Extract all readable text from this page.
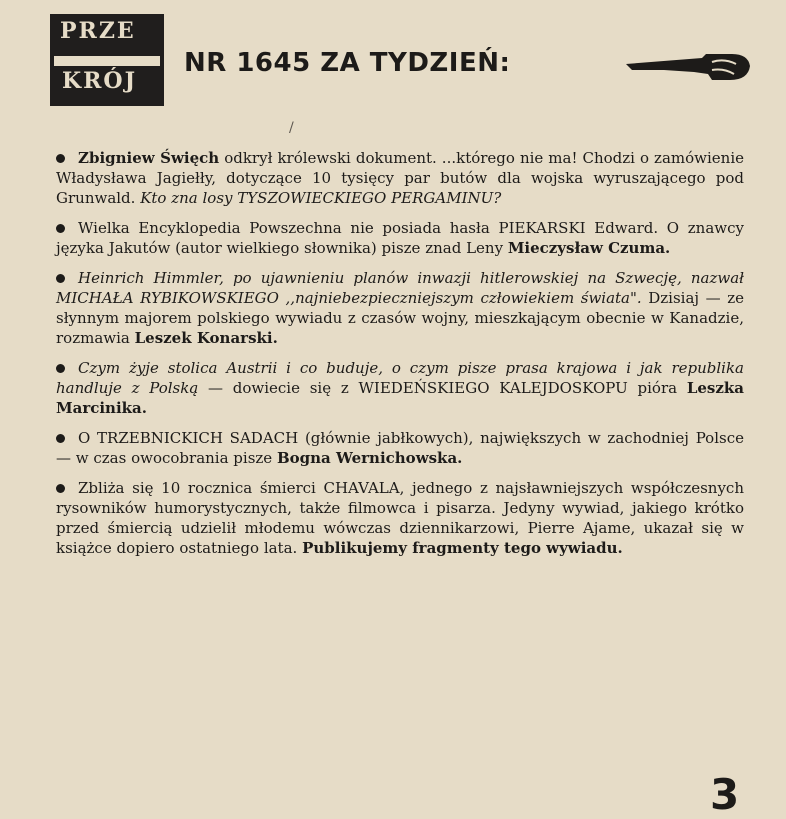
PRZE
KRÓJ
NR 1645 ZA TYDZIEŃ:
/

Zbigniew Święch odkrył królewski dokument. ...którego nie ma! Chodzi o zamówienie Władysława Jagiełły, dotyczące 10 tysięcy par butów dla wojska wyruszającego pod Grunwald. Kto zna losy TYSZOWIECKIEGO PERGAMINU?

Wielka Encyklopedia Powszechna nie posiada hasła PIEKARSKI Edward. O znawcy języka Jakutów (autor wielkiego słownika) pisze znad Leny Mieczysław Czuma.

Heinrich Himmler, po ujawnieniu planów inwazji hitlerowskiej na Szwecję, nazwał MICHAŁA RYBIKOWSKIEGO ,,najniebezpieczniejszym człowiekiem świata". Dzisiaj — ze słynnym majorem polskiego wywiadu z czasów wojny, mieszkającym obecnie w Kanadzie, rozmawia Leszek Konarski.

Czym żyje stolica Austrii i co buduje, o czym pisze prasa krajowa i jak republika handluje z Polską — dowiecie się z WIEDEŃSKIEGO KALEJDOSKOPU pióra Leszka Marcinika.

O TRZEBNICKICH SADACH (głównie jabłkowych), największych w zachodniej Polsce — w czas owocobrania pisze Bogna Wernichowska.

Zbliża się 10 rocznica śmierci CHAVALA, jednego z najsławniejszych współczesnych rysowników humorystycznych, także filmowca i pisarza. Jedyny wywiad, jakiego krótko przed śmiercią udzielił młodemu wówczas dziennikarzowi, Pierre Ajame, ukazał się w książce dopiero ostatniego lata. Publikujemy fragmenty tego wywiadu.

3
